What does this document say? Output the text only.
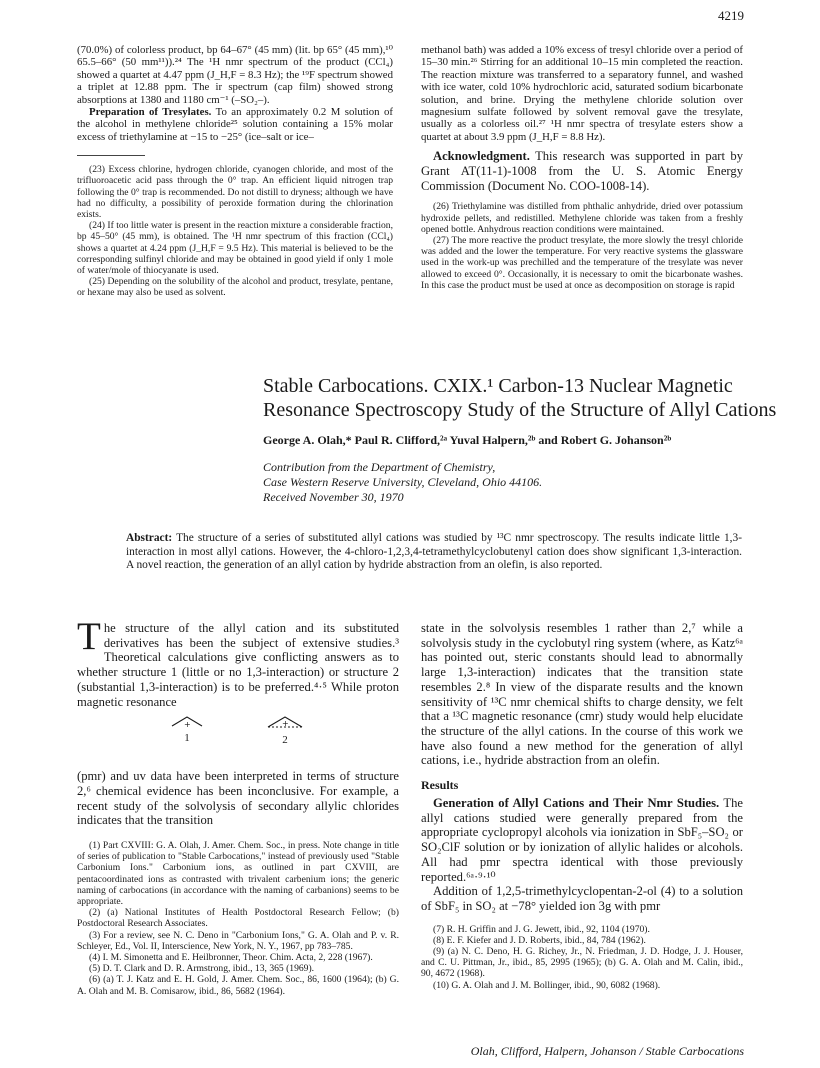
4219

(70.0%) of colorless product, bp 64–67° (45 mm) (lit. bp 65° (45 mm),¹⁰ 65.5–66° (50 mm¹¹)).²⁴ The ¹H nmr spectrum of the product (CCl₄) showed a quartet at 4.47 ppm (J_H,F = 8.3 Hz); the ¹⁹F spectrum showed a triplet at 12.88 ppm. The ir spectrum (cap film) showed strong absorptions at 1380 and 1180 cm⁻¹ (–SO₂–).

Preparation of Tresylates. To an approximately 0.2 M solution of the alcohol in methylene chloride²⁵ solution containing a 15% molar excess of triethylamine at −15 to −25° (ice–salt or ice–

(23) Excess chlorine, hydrogen chloride, cyanogen chloride, and most of the trifluoroacetic acid pass through the 0° trap. An efficient liquid nitrogen trap following the 0° trap is recommended. Do not distill to dryness; although we have had no difficulty, a possibility of peroxide formation during the chlorination exists.

(24) If too little water is present in the reaction mixture a considerable fraction, bp 45–50° (45 mm), is obtained. The ¹H nmr spectrum of this fraction (CCl₄) shows a quartet at 4.24 ppm (J_H,F = 9.5 Hz). This material is believed to be the corresponding sulfinyl chloride and may be obtained in good yield if only 1 mole of water/mole of thiocyanate is used.

(25) Depending on the solubility of the alcohol and product, tresylate, pentane, or hexane may also be used as solvent.

methanol bath) was added a 10% excess of tresyl chloride over a period of 15–30 min.²⁶ Stirring for an additional 10–15 min completed the reaction. The reaction mixture was transferred to a separatory funnel, and washed with ice water, cold 10% hydrochloric acid, saturated sodium bicarbonate solution, and brine. Drying the methylene chloride solution over magnesium sulfate followed by solvent removal gave the tresylate, usually as a colorless oil.²⁷ ¹H nmr spectra of tresylate esters show a quartet at about 3.9 ppm (J_H,F = 8.8 Hz).

Acknowledgment. This research was supported in part by Grant AT(11-1)-1008 from the U. S. Atomic Energy Commission (Document No. COO-1008-14).

(26) Triethylamine was distilled from phthalic anhydride, dried over potassium hydroxide pellets, and redistilled. Methylene chloride was taken from a freshly opened bottle. Anhydrous reaction conditions were maintained.

(27) The more reactive the product tresylate, the more slowly the tresyl chloride was added and the lower the temperature. For very reactive systems the glassware used in the work-up was prechilled and the temperature of the tresylate was never allowed to exceed 0°. Occasionally, it is necessary to omit the bicarbonate washes. In this case the product must be used at once as decomposition on storage is rapid

Stable Carbocations. CXIX.¹ Carbon-13 Nuclear Magnetic
Resonance Spectroscopy Study of the Structure of Allyl Cations
George A. Olah,* Paul R. Clifford,²ᵃ Yuval Halpern,²ᵇ and Robert G. Johanson²ᵇ
Contribution from the Department of Chemistry,
Case Western Reserve University, Cleveland, Ohio 44106.
Received November 30, 1970
Abstract: The structure of a series of substituted allyl cations was studied by ¹³C nmr spectroscopy. The results indicate little 1,3-interaction in most allyl cations. However, the 4-chloro-1,2,3,4-tetramethylcyclobutenyl cation does show significant 1,3-interaction. A novel reaction, the generation of an allyl cation by hydride abstraction from an olefin, is also reported.

The structure of the allyl cation and its substituted derivatives has been the subject of extensive studies.³ Theoretical calculations give conflicting answers as to whether structure 1 (little or no 1,3-interaction) or structure 2 (substantial 1,3-interaction) is to be preferred.⁴·⁵ While proton magnetic resonance

+
1
+
2

(pmr) and uv data have been interpreted in terms of structure 2,⁶ chemical evidence has been inconclusive. For example, a recent study of the solvolysis of secondary allylic chlorides indicates that the transition

(1) Part CXVIII: G. A. Olah, J. Amer. Chem. Soc., in press. Note change in title of series of publication to "Stable Carbocations," instead of previously used "Stable Carbonium Ions." Carbonium ions, as outlined in part CXVIII, are pentacoordinated ions as contrasted with trivalent carbenium ions; the generic naming of carbocations (in accordance with the naming of carbanions) seems to be appropriate.

(2) (a) National Institutes of Health Postdoctoral Research Fellow; (b) Postdoctoral Research Associates.

(3) For a review, see N. C. Deno in "Carbonium Ions," G. A. Olah and P. v. R. Schleyer, Ed., Vol. II, Interscience, New York, N. Y., 1967, pp 783–785.

(4) I. M. Simonetta and E. Heilbronner, Theor. Chim. Acta, 2, 228 (1967).

(5) D. T. Clark and D. R. Armstrong, ibid., 13, 365 (1969).

(6) (a) T. J. Katz and E. H. Gold, J. Amer. Chem. Soc., 86, 1600 (1964); (b) G. A. Olah and M. B. Comisarow, ibid., 86, 5682 (1964).

state in the solvolysis resembles 1 rather than 2,⁷ while a solvolysis study in the cyclobutyl ring system (where, as Katz⁶ᵃ has pointed out, steric constants should lead to abnormally large 1,3-interaction) indicates that the transition state resembles 2.⁸ In view of the disparate results and the known sensitivity of ¹³C nmr chemical shifts to charge density, we felt that a ¹³C magnetic resonance (cmr) study would help elucidate the structure of the allyl cations. In the course of this work we have also found a new method for the generation of allyl cations, i.e., hydride abstraction from an olefin.

Results

Generation of Allyl Cations and Their Nmr Studies. The allyl cations studied were generally prepared from the appropriate cyclopropyl alcohols via ionization in SbF₅–SO₂ or SO₂ClF solution or by ionization of allylic halides or alcohols. All had pmr spectra identical with those previously reported.⁶ᵃ·⁹·¹⁰

Addition of 1,2,5-trimethylcyclopentan-2-ol (4) to a solution of SbF₅ in SO₂ at −78° yielded ion 3g with pmr

(7) R. H. Griffin and J. G. Jewett, ibid., 92, 1104 (1970).

(8) E. F. Kiefer and J. D. Roberts, ibid., 84, 784 (1962).

(9) (a) N. C. Deno, H. G. Richey, Jr., N. Friedman, J. D. Hodge, J. J. Houser, and C. U. Pittman, Jr., ibid., 85, 2995 (1965); (b) G. A. Olah and M. Calin, ibid., 90, 4672 (1968).

(10) G. A. Olah and J. M. Bollinger, ibid., 90, 6082 (1968).

Olah, Clifford, Halpern, Johanson / Stable Carbocations
